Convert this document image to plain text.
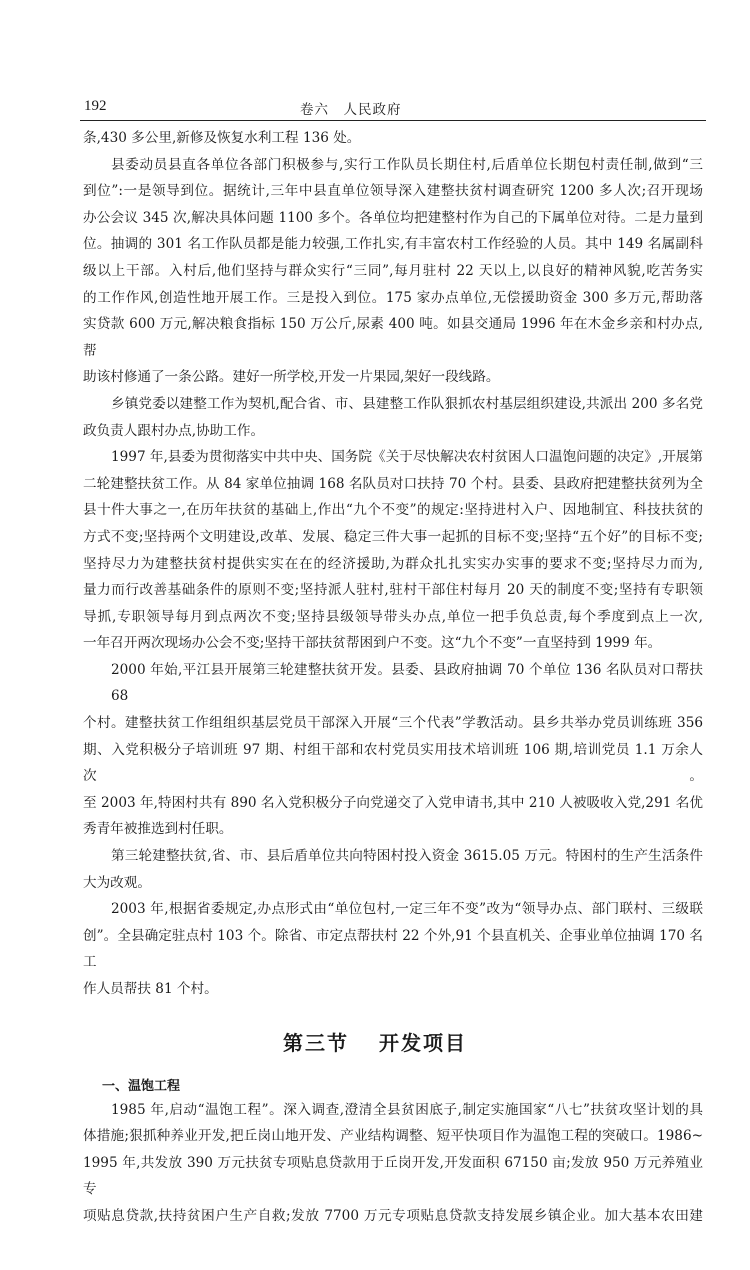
192	卷六　人民政府
条,430 多公里,新修及恢复水利工程 136 处。
县委动员县直各单位各部门积极参与,实行工作队员长期住村,后盾单位长期包村责任制,做到“三
到位”:一是领导到位。据统计,三年中县直单位领导深入建整扶贫村调查研究 1200 多人次;召开现场
办公会议 345 次,解决具体问题 1100 多个。各单位均把建整村作为自己的下属单位对待。二是力量到
位。抽调的 301 名工作队员都是能力较强,工作扎实,有丰富农村工作经验的人员。其中 149 名属副科
级以上干部。入村后,他们坚持与群众实行“三同”,每月驻村 22 天以上,以良好的精神风貌,吃苦务实
的工作作风,创造性地开展工作。三是投入到位。175 家办点单位,无偿援助资金 300 多万元,帮助落
实贷款 600 万元,解决粮食指标 150 万公斤,尿素 400 吨。如县交通局 1996 年在木金乡亲和村办点,帮
助该村修通了一条公路。建好一所学校,开发一片果园,架好一段线路。
乡镇党委以建整工作为契机,配合省、市、县建整工作队狠抓农村基层组织建设,共派出 200 多名党
政负责人跟村办点,协助工作。
1997 年,县委为贯彻落实中共中央、国务院《关于尽快解决农村贫困人口温饱问题的决定》,开展第
二轮建整扶贫工作。从 84 家单位抽调 168 名队员对口扶持 70 个村。县委、县政府把建整扶贫列为全
县十件大事之一,在历年扶贫的基础上,作出“九个不变”的规定:坚持进村入户、因地制宜、科技扶贫的
方式不变;坚持两个文明建设,改革、发展、稳定三件大事一起抓的目标不变;坚持“五个好”的目标不变;
坚持尽力为建整扶贫村提供实实在在的经济援助,为群众扎扎实实办实事的要求不变;坚持尽力而为,
量力而行改善基础条件的原则不变;坚持派人驻村,驻村干部住村每月 20 天的制度不变;坚持有专职领
导抓,专职领导每月到点两次不变;坚持县级领导带头办点,单位一把手负总责,每个季度到点上一次,
一年召开两次现场办公会不变;坚持干部扶贫帮困到户不变。这“九个不变”一直坚持到 1999 年。
2000 年始,平江县开展第三轮建整扶贫开发。县委、县政府抽调 70 个单位 136 名队员对口帮扶 68
个村。建整扶贫工作组组织基层党员干部深入开展“三个代表”学教活动。县乡共举办党员训练班 356
期、入党积极分子培训班 97 期、村组干部和农村党员实用技术培训班 106 期,培训党员 1.1 万余人次。
至 2003 年,特困村共有 890 名入党积极分子向党递交了入党申请书,其中 210 人被吸收入党,291 名优
秀青年被推选到村任职。
第三轮建整扶贫,省、市、县后盾单位共向特困村投入资金 3615.05 万元。特困村的生产生活条件
大为改观。
2003 年,根据省委规定,办点形式由“单位包村,一定三年不变”改为“领导办点、部门联村、三级联
创”。全县确定驻点村 103 个。除省、市定点帮扶村 22 个外,91 个县直机关、企事业单位抽调 170 名工
作人员帮扶 81 个村。
第三节 开发项目
一、温饱工程
1985 年,启动“温饱工程”。深入调查,澄清全县贫困底子,制定实施国家“八七”扶贫攻坚计划的具
体措施;狠抓种养业开发,把丘岗山地开发、产业结构调整、短平快项目作为温饱工程的突破口。1986~
1995 年,共发放 390 万元扶贫专项贴息贷款用于丘岗开发,开发面积 67150 亩;发放 950 万元养殖业专
项贴息贷款,扶持贫困户生产自救;发放 7700 万元专项贴息贷款支持发展乡镇企业。加大基本农田建
